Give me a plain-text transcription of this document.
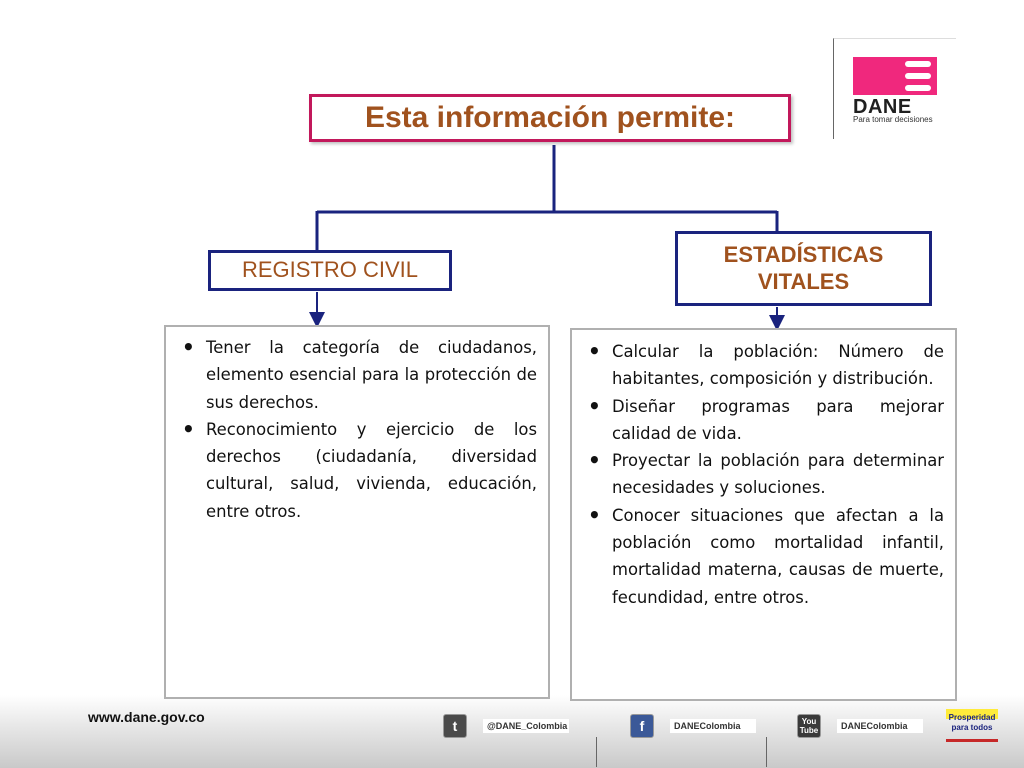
Esta información permite:
REGISTRO CIVIL
ESTADÍSTICAS VITALES
• Tener la categoría de ciudadanos, elemento esencial para la protección de sus derechos.
• Reconocimiento y ejercicio de los derechos (ciudadanía, diversidad cultural, salud, vivienda, educación, entre otros.
• Calcular la población: Número de habitantes, composición y distribución.
• Diseñar programas para mejorar calidad de vida.
• Proyectar la población para determinar necesidades y soluciones.
• Conocer situaciones que afectan a la población como mortalidad infantil, mortalidad materna, causas de muerte, fecundidad, entre otros.
DANE
Para tomar decisiones
www.dane.gov.co
t	@DANE_Colombia	f	DANEColombia	You Tube	DANEColombia
Prosperidad para todos
